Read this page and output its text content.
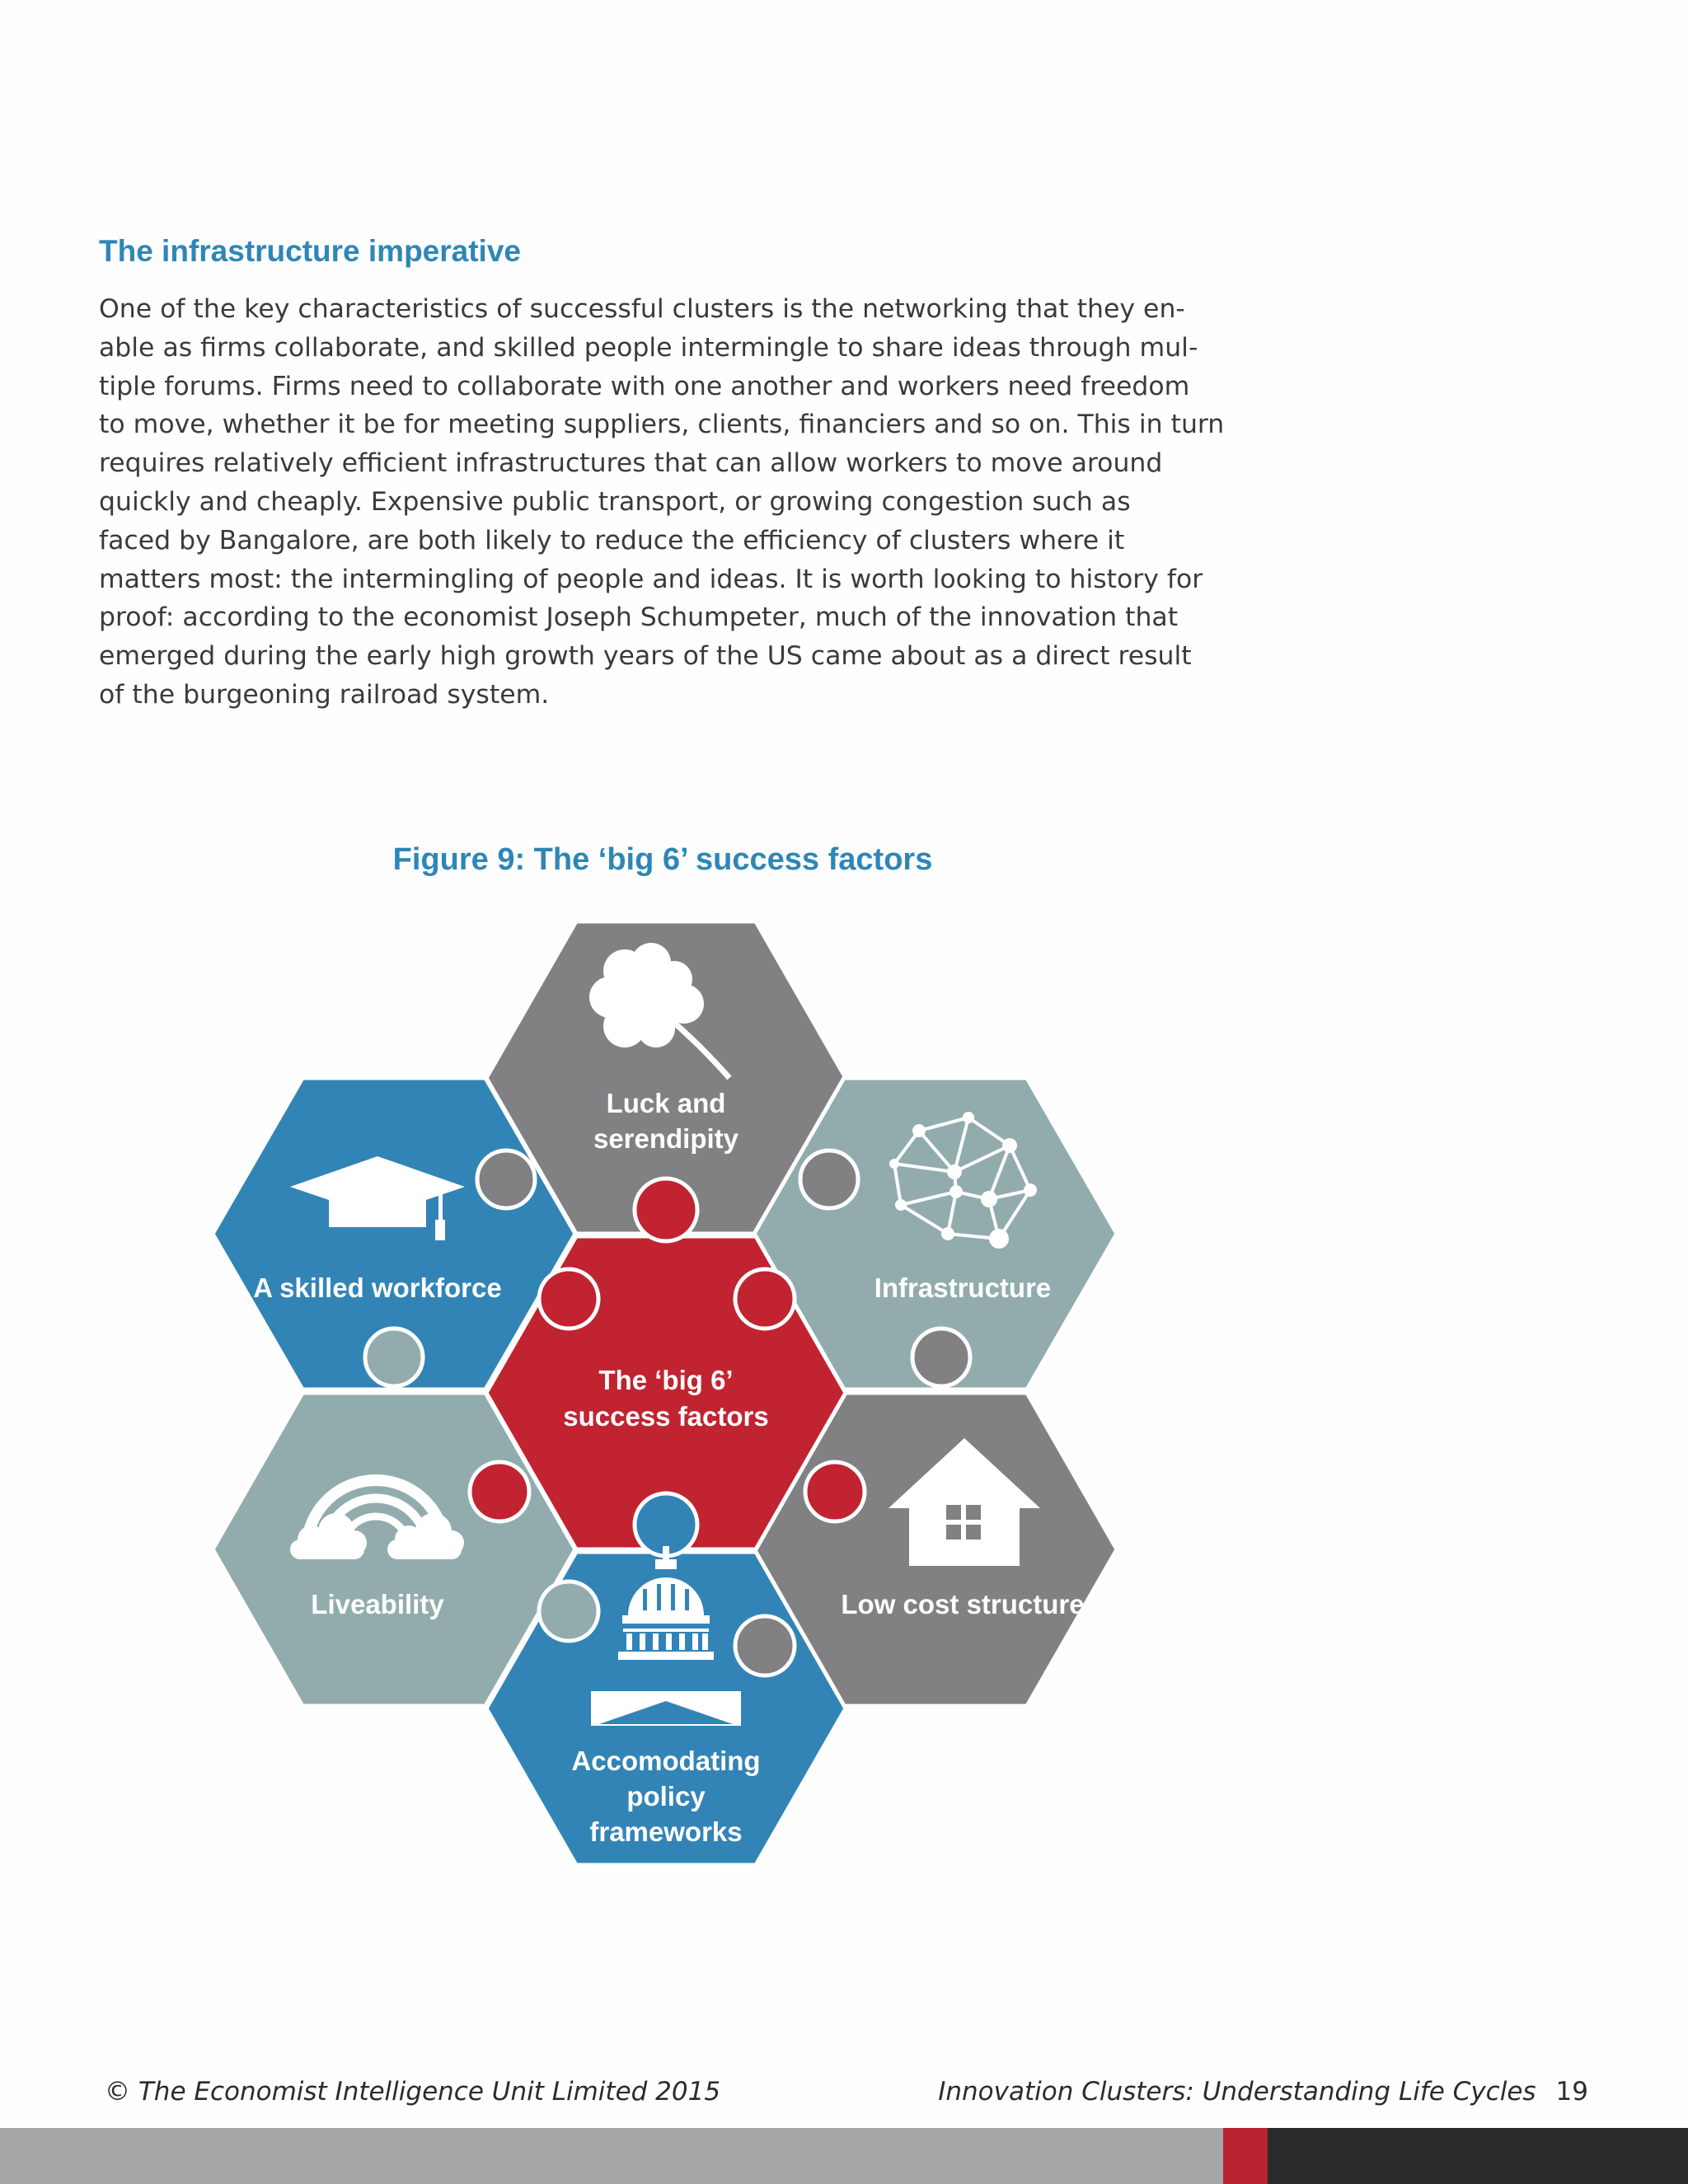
The infrastructure imperative
One of the key characteristics of successful clusters is the networking that they en-
able as firms collaborate, and skilled people intermingle to share ideas through mul-
tiple forums. Firms need to collaborate with one another and workers need freedom
to move, whether it be for meeting suppliers, clients, financiers and so on. This in turn
requires relatively efficient infrastructures that can allow workers to move around
quickly and cheaply. Expensive public transport, or growing congestion such as
faced by Bangalore, are both likely to reduce the efficiency of clusters where it
matters most: the intermingling of people and ideas. It is worth looking to history for
proof: according to the economist Joseph Schumpeter, much of the innovation that
emerged during the early high growth years of the US came about as a direct result
of the burgeoning railroad system.
Figure 9: The ‘big 6’ success factors
Luck and
serendipity
A skilled workforce	Infrastructure
The ‘big 6’
success factors
Liveability	Low cost structure
Accomodating
policy
frameworks
© The Economist Intelligence Unit Limited 2015	Innovation Clusters: Understanding Life Cycles 19
